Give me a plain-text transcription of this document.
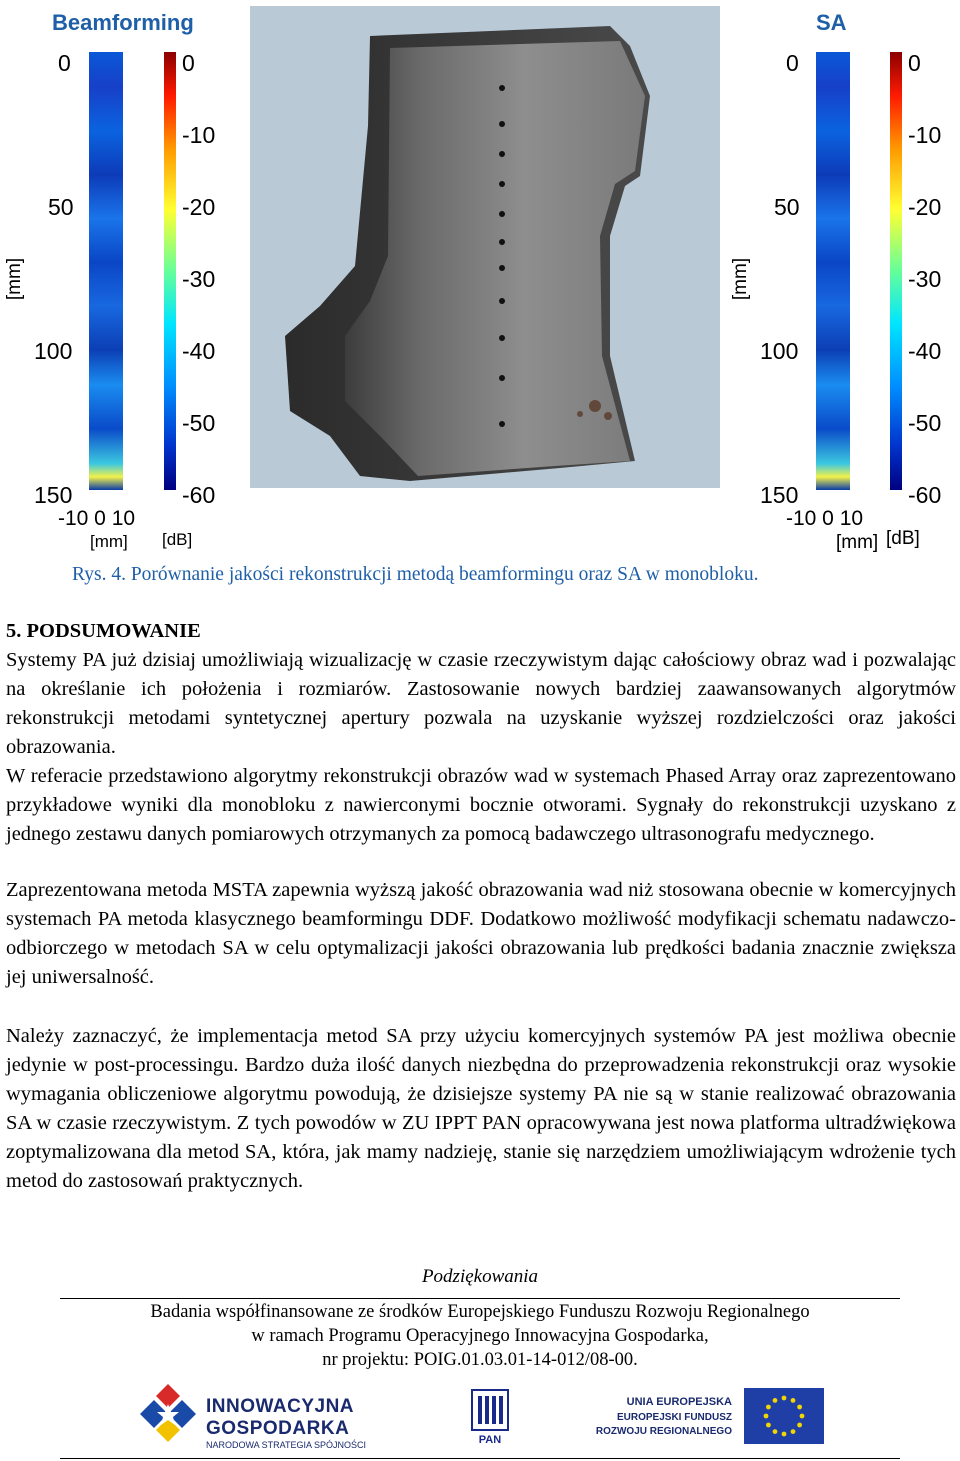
Beamforming
0
50
100
150
[mm]
0
-10
-20
-30
-40
-50
-60
-10 0 10
[mm] [dB]
SA
0
50
100
150
[mm]
0
-10
-20
-30
-40
-50
-60
-10 0 10
[mm] [dB]
Rys. 4. Porównanie jakości rekonstrukcji metodą beamformingu oraz SA w monobloku.
5. PODSUMOWANIE

Systemy PA już dzisiaj umożliwiają wizualizację w czasie rzeczywistym dając całościowy obraz wad i pozwalając na określanie ich położenia i rozmiarów. Zastosowanie nowych bardziej zaawansowanych algorytmów rekonstrukcji metodami syntetycznej apertury pozwala na uzyskanie wyższej rozdzielczości oraz jakości obrazowania.

W referacie przedstawiono algorytmy rekonstrukcji obrazów wad w systemach Phased Array oraz zaprezentowano przykładowe wyniki dla monobloku z nawierconymi bocznie otworami. Sygnały do rekonstrukcji uzyskano z jednego zestawu danych pomiarowych otrzymanych za pomocą badawczego ultrasonografu medycznego.

Zaprezentowana metoda MSTA zapewnia wyższą jakość obrazowania wad niż stosowana obecnie w komercyjnych systemach PA metoda klasycznego beamformingu DDF. Dodatkowo możliwość modyfikacji schematu nadawczo-odbiorczego w metodach SA w celu optymalizacji jakości obrazowania lub prędkości badania znacznie zwiększa jej uniwersalność.

Należy zaznaczyć, że implementacja metod SA przy użyciu komercyjnych systemów PA jest możliwa obecnie jedynie w post-processingu. Bardzo duża ilość danych niezbędna do przeprowadzenia rekonstrukcji oraz wysokie wymagania obliczeniowe algorytmu powodują, że dzisiejsze systemy PA nie są w stanie realizować obrazowania SA w czasie rzeczywistym. Z tych powodów w ZU IPPT PAN opracowywana jest nowa platforma ultradźwiękowa zoptymalizowana dla metod SA, która, jak mamy nadzieję, stanie się narzędziem umożliwiającym wdrożenie tych metod do zastosowań praktycznych.

Podziękowania
Badania współfinansowane ze środków Europejskiego Funduszu Rozwoju Regionalnego
w ramach Programu Operacyjnego Innowacyjna Gospodarka,
nr projektu: POIG.01.03.01-14-012/08-00.
INNOWACYJNA
GOSPODARKA
NARODOWA STRATEGIA SPÓJNOŚCI	PAN
UNIA EUROPEJSKA
EUROPEJSKI FUNDUSZ
ROZWOJU REGIONALNEGO
